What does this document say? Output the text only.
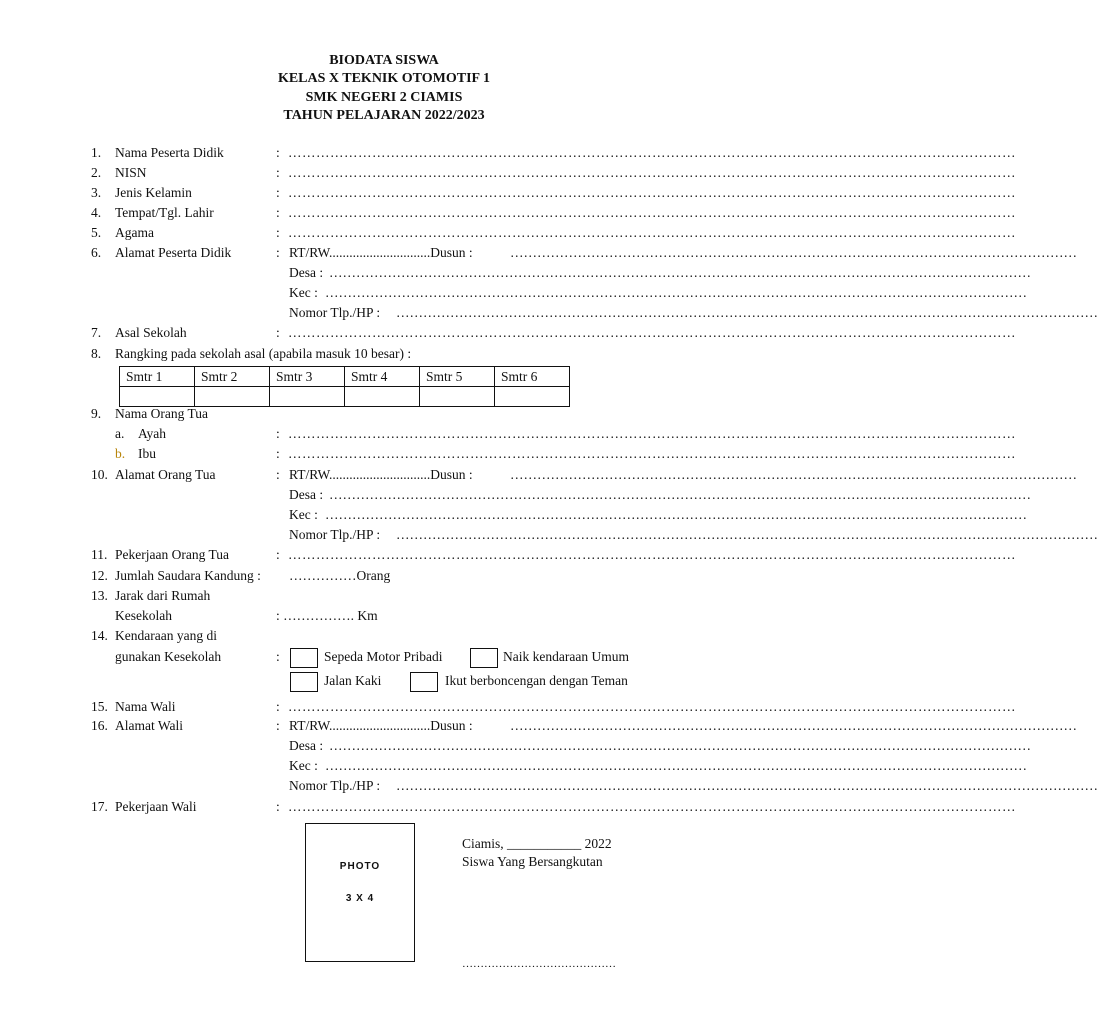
BIODATA SISWA
KELAS X TEKNIK OTOMOTIF 1
SMK NEGERI 2 CIAMIS
TAHUN PELAJARAN 2022/2023
1. Nama Peserta Didik	: …………………………………………………………………………………………………………………………………………
2. NISN	: …………………………………………………………………………………………………………………………………………
3. Jenis Kelamin	: …………………………………………………………………………………………………………………………………………
4. Tempat/Tgl. Lahir	: …………………………………………………………………………………………………………………………………………
5. Agama	: …………………………………………………………………………………………………………………………………………
6. Alamat Peserta Didik	: RT/RW..............................Dusun :	………………………………………………………………………………………………………………
Desa : …………………………………………………………………………………………………………………………………………
Kec : …………………………………………………………………………………………………………………………………………
Nomor Tlp./HP : …………………………………………………………………………………………………………………………………………
7. Asal Sekolah	: …………………………………………………………………………………………………………………………………………
8. Rangking pada sekolah asal (apabila masuk 10 besar) :
Smtr 1	Smtr 2	Smtr 3	Smtr 4	Smtr 5	Smtr 6

9. Nama Orang Tua
a. Ayah	: …………………………………………………………………………………………………………………………………………
b. Ibu	: …………………………………………………………………………………………………………………………………………
10. Alamat Orang Tua	: RT/RW..............................Dusun :	………………………………………………………………………………………………………………
Desa : …………………………………………………………………………………………………………………………………………
Kec : …………………………………………………………………………………………………………………………………………
Nomor Tlp./HP : …………………………………………………………………………………………………………………………………………
11. Pekerjaan Orang Tua	: …………………………………………………………………………………………………………………………………………
12. Jumlah Saudara Kandung : ……………Orang
13. Jarak dari Rumah
Kesekolah	: ……………. Km
14. Kendaraan yang di
gunakan Kesekolah	:	Sepeda Motor Pribadi	Naik kendaraan Umum
Jalan Kaki	Ikut berboncengan dengan Teman
15. Nama Wali	: …………………………………………………………………………………………………………………………………………
16. Alamat Wali	: RT/RW..............................Dusun :	………………………………………………………………………………………………………………
Desa : …………………………………………………………………………………………………………………………………………
Kec : …………………………………………………………………………………………………………………………………………
Nomor Tlp./HP : …………………………………………………………………………………………………………………………………………
17. Pekerjaan Wali	: …………………………………………………………………………………………………………………………………………
PHOTO
3 X 4
Ciamis, ___________ 2022
Siswa Yang Bersangkutan
……………………………………
